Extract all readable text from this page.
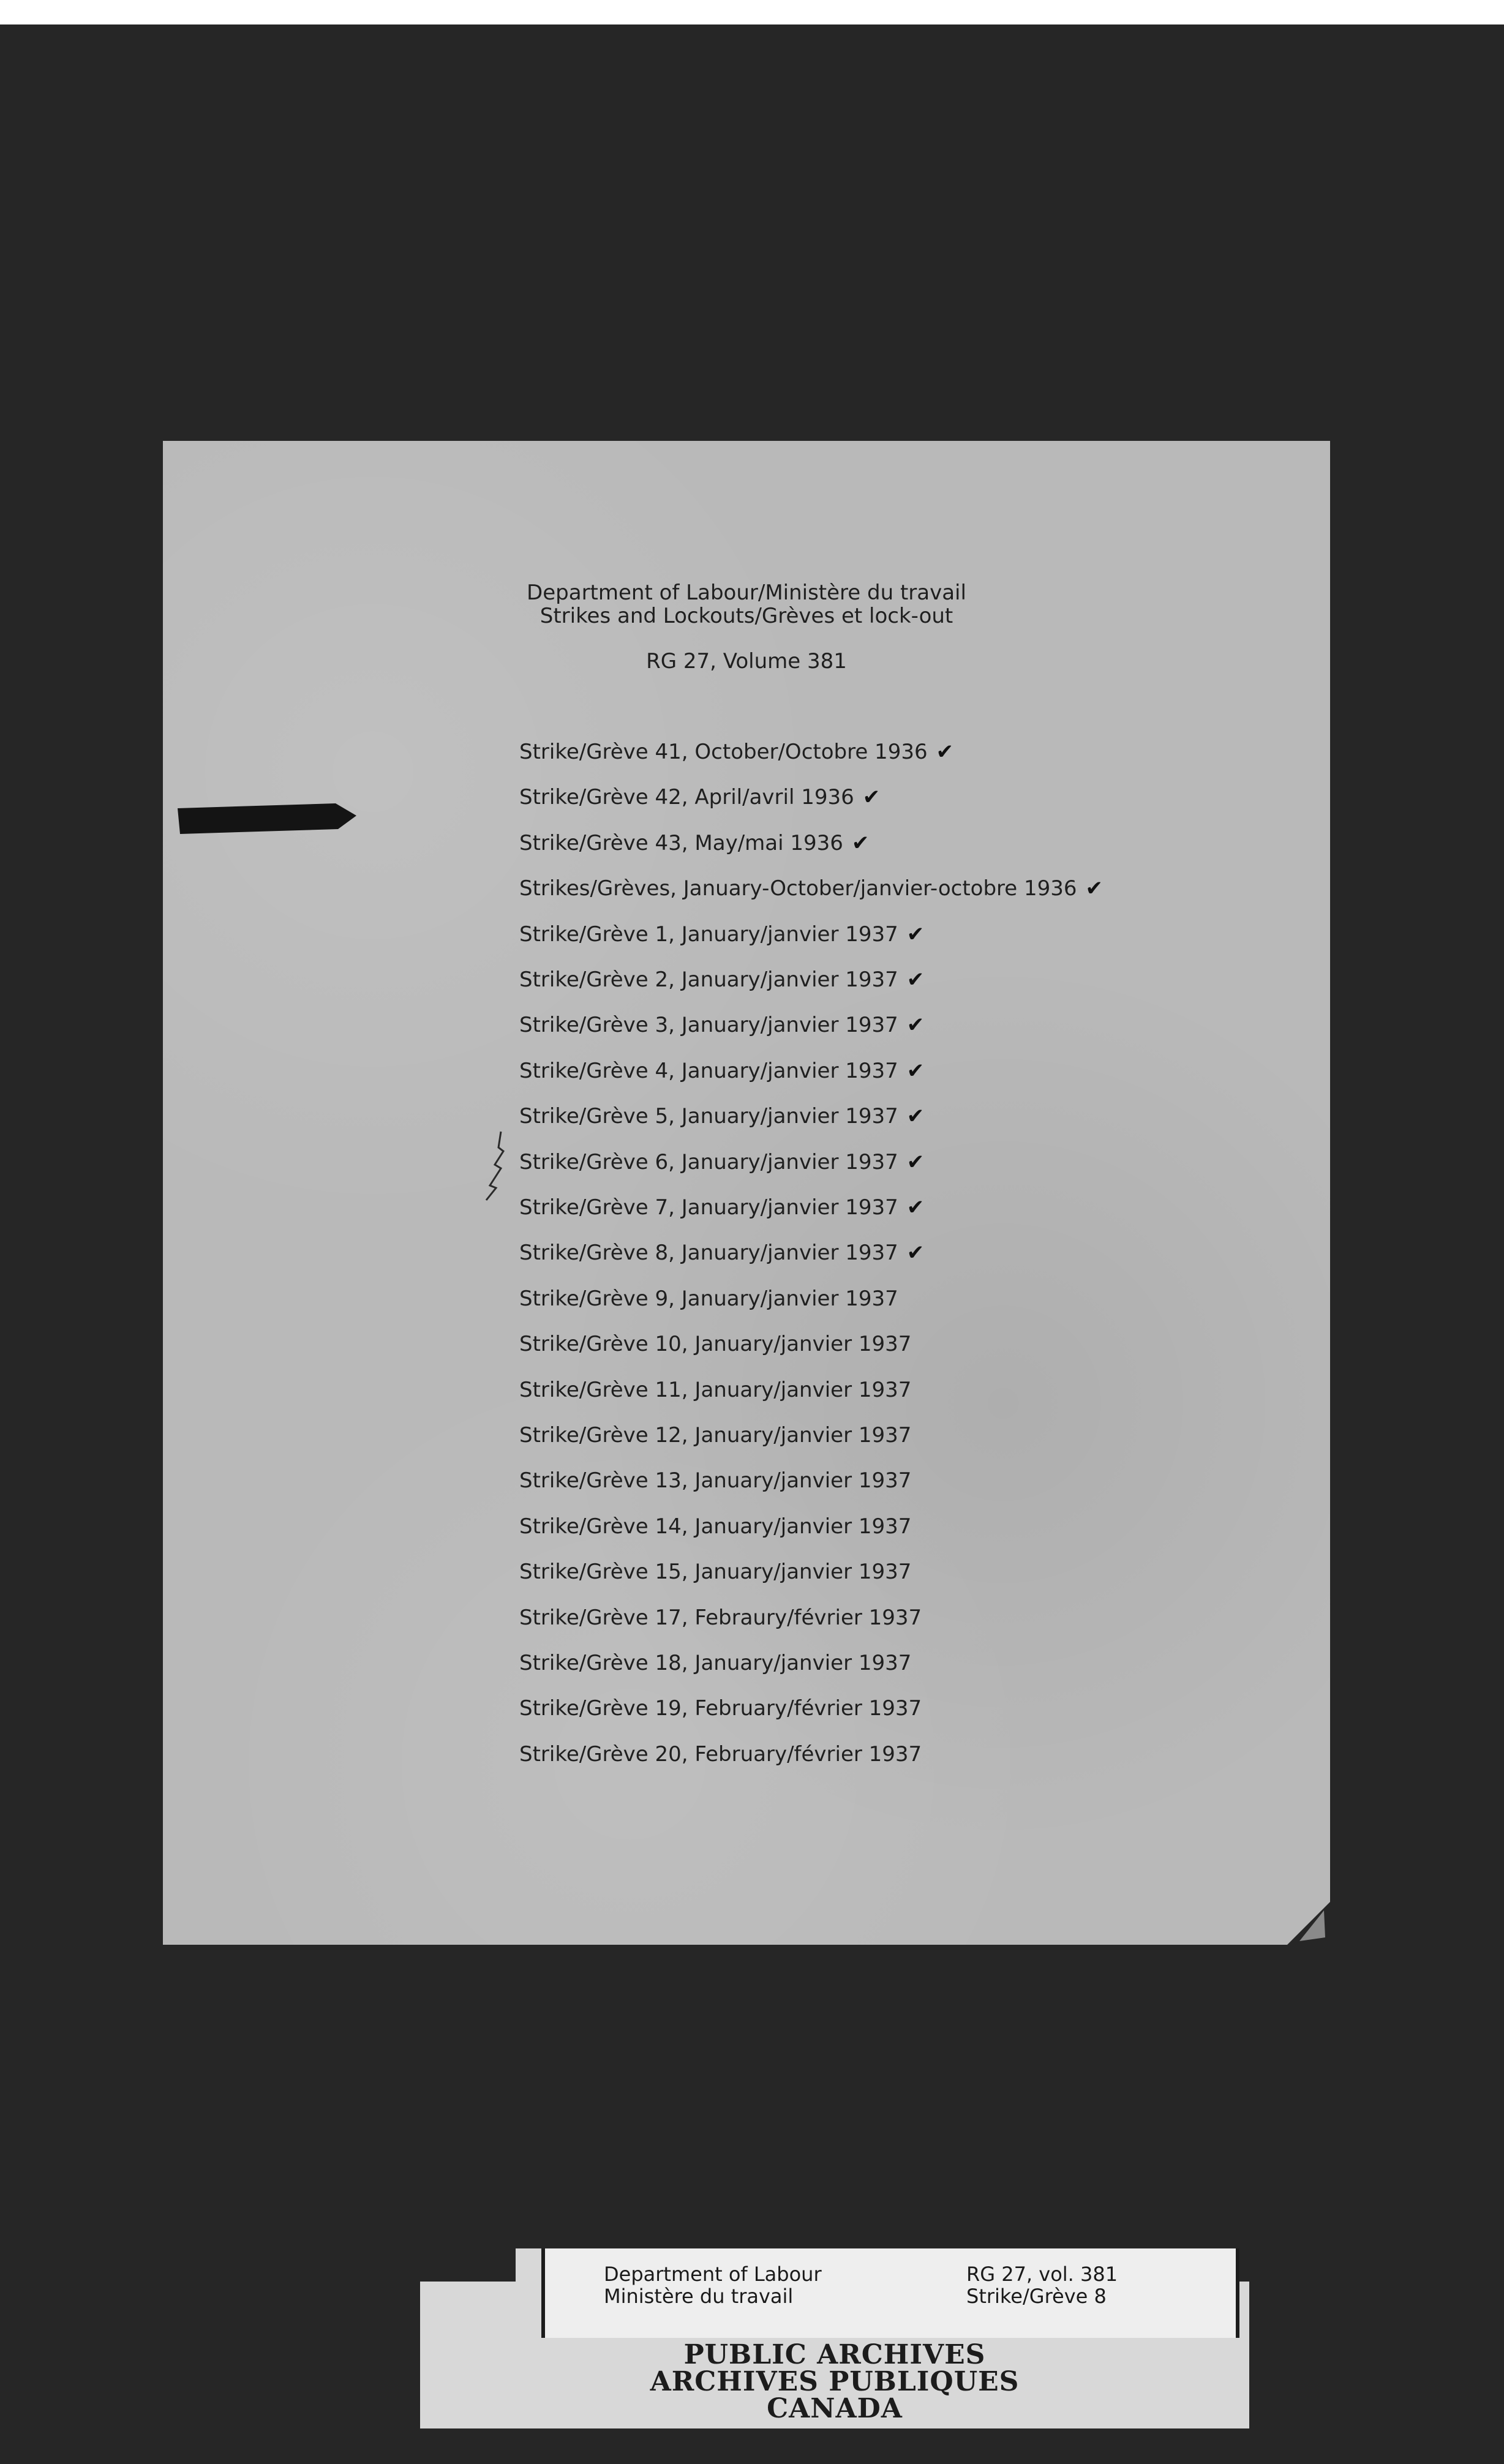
Department of Labour/Ministère du travail
Strikes and Lockouts/Grèves et lock-out
RG 27, Volume 381
Strike/Grève 41, October/Octobre 1936 ✔
Strike/Grève 42, April/avril 1936 ✔
Strike/Grève 43, May/mai 1936 ✔
Strikes/Grèves, January-October/janvier-octobre 1936 ✔
Strike/Grève 1, January/janvier 1937 ✔
Strike/Grève 2, January/janvier 1937 ✔
Strike/Grève 3, January/janvier 1937 ✔
Strike/Grève 4, January/janvier 1937 ✔
Strike/Grève 5, January/janvier 1937 ✔
Strike/Grève 6, January/janvier 1937 ✔
Strike/Grève 7, January/janvier 1937 ✔
Strike/Grève 8, January/janvier 1937 ✔
Strike/Grève 9, January/janvier 1937
Strike/Grève 10, January/janvier 1937
Strike/Grève 11, January/janvier 1937
Strike/Grève 12, January/janvier 1937
Strike/Grève 13, January/janvier 1937
Strike/Grève 14, January/janvier 1937
Strike/Grève 15, January/janvier 1937
Strike/Grève 17, Febraury/février 1937
Strike/Grève 18, January/janvier 1937
Strike/Grève 19, February/février 1937
Strike/Grève 20, February/février 1937
Department of Labour
Ministère du travail
RG 27, vol. 381
Strike/Grève 8
PUBLIC ARCHIVES
ARCHIVES PUBLIQUES
CANADA
